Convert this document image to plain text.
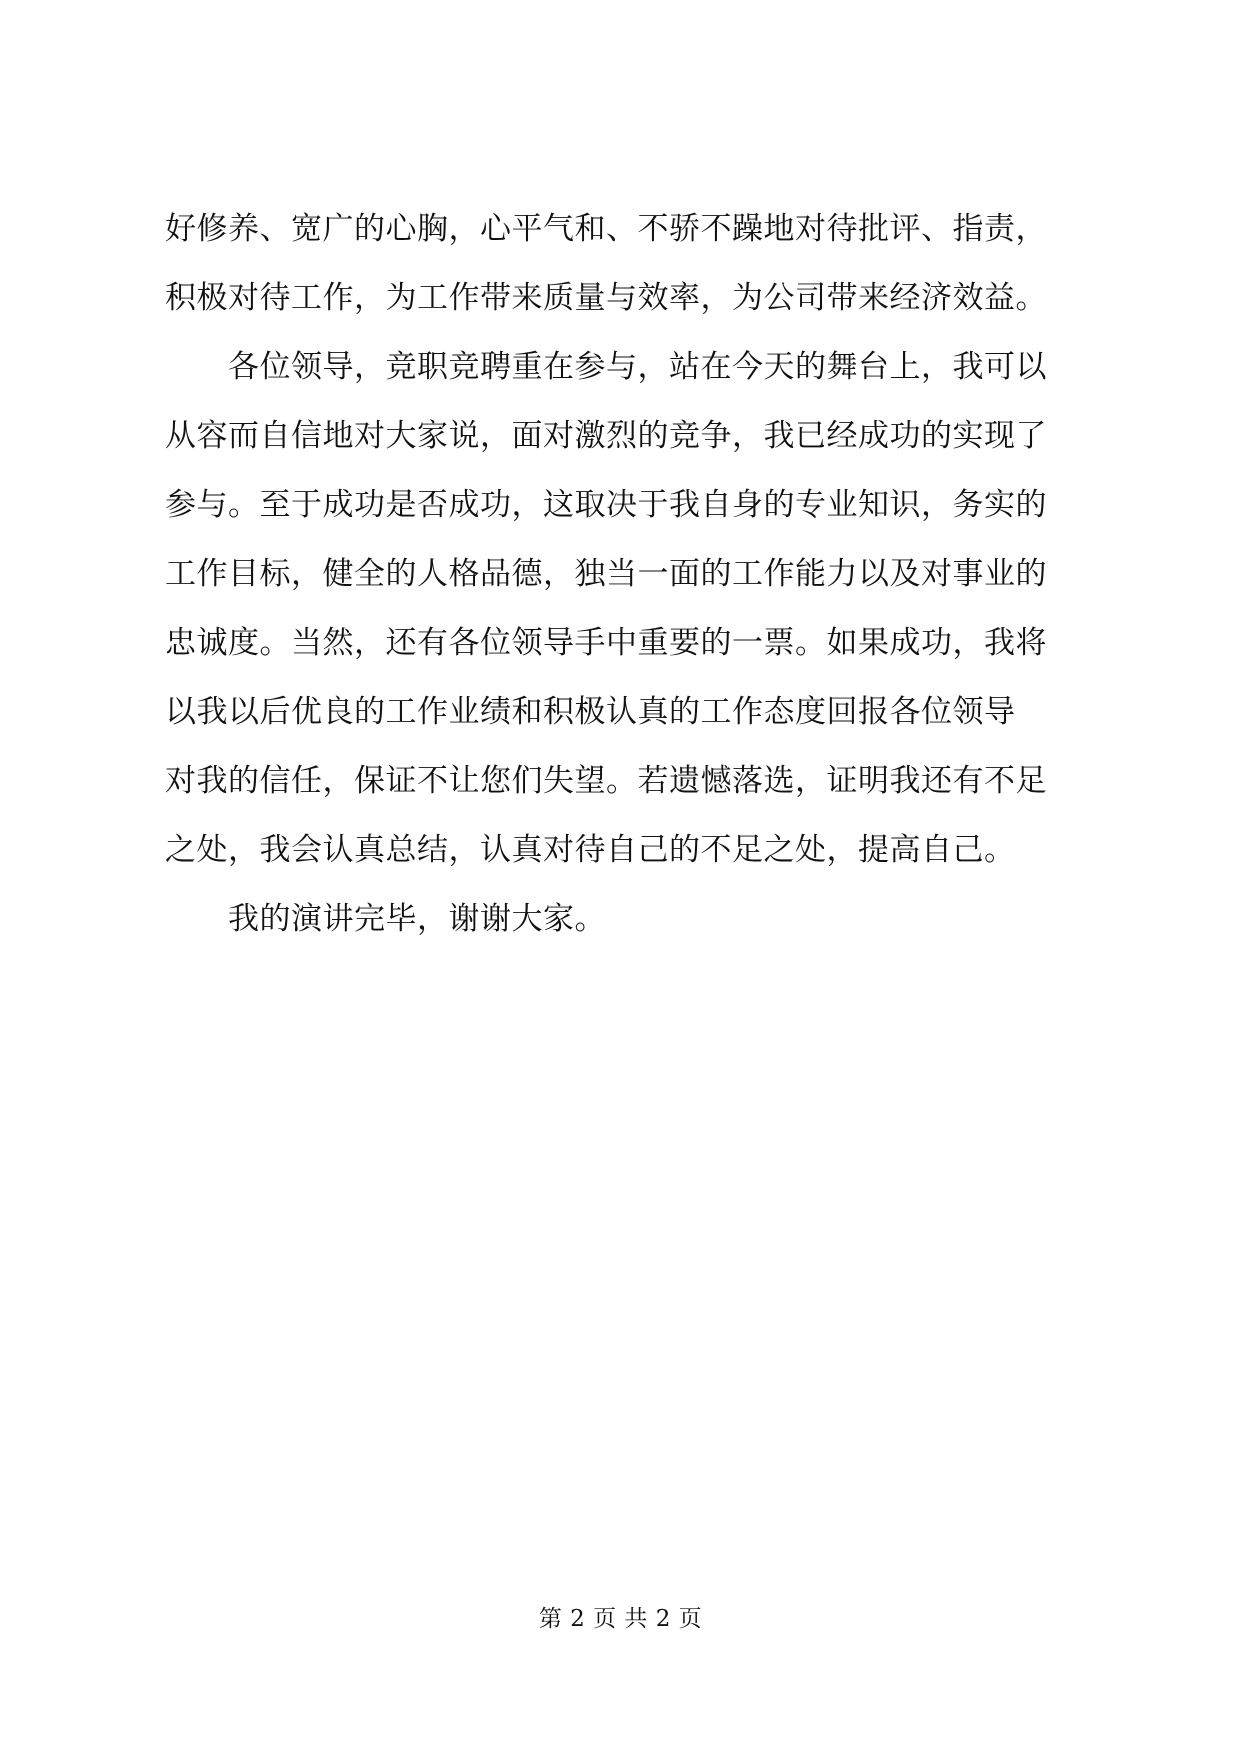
好修养、宽广的心胸，心平气和、不骄不躁地对待批评、指责，
积极对待工作，为工作带来质量与效率，为公司带来经济效益。
　　各位领导，竞职竞聘重在参与，站在今天的舞台上，我可以
从容而自信地对大家说，面对激烈的竞争，我已经成功的实现了
参与。至于成功是否成功，这取决于我自身的专业知识，务实的
工作目标，健全的人格品德，独当一面的工作能力以及对事业的
忠诚度。当然，还有各位领导手中重要的一票。如果成功，我将
以我以后优良的工作业绩和积极认真的工作态度回报各位领导
对我的信任，保证不让您们失望。若遗憾落选，证明我还有不足
之处，我会认真总结，认真对待自己的不足之处，提高自己。
　　我的演讲完毕，谢谢大家。
第 2 页 共 2 页
